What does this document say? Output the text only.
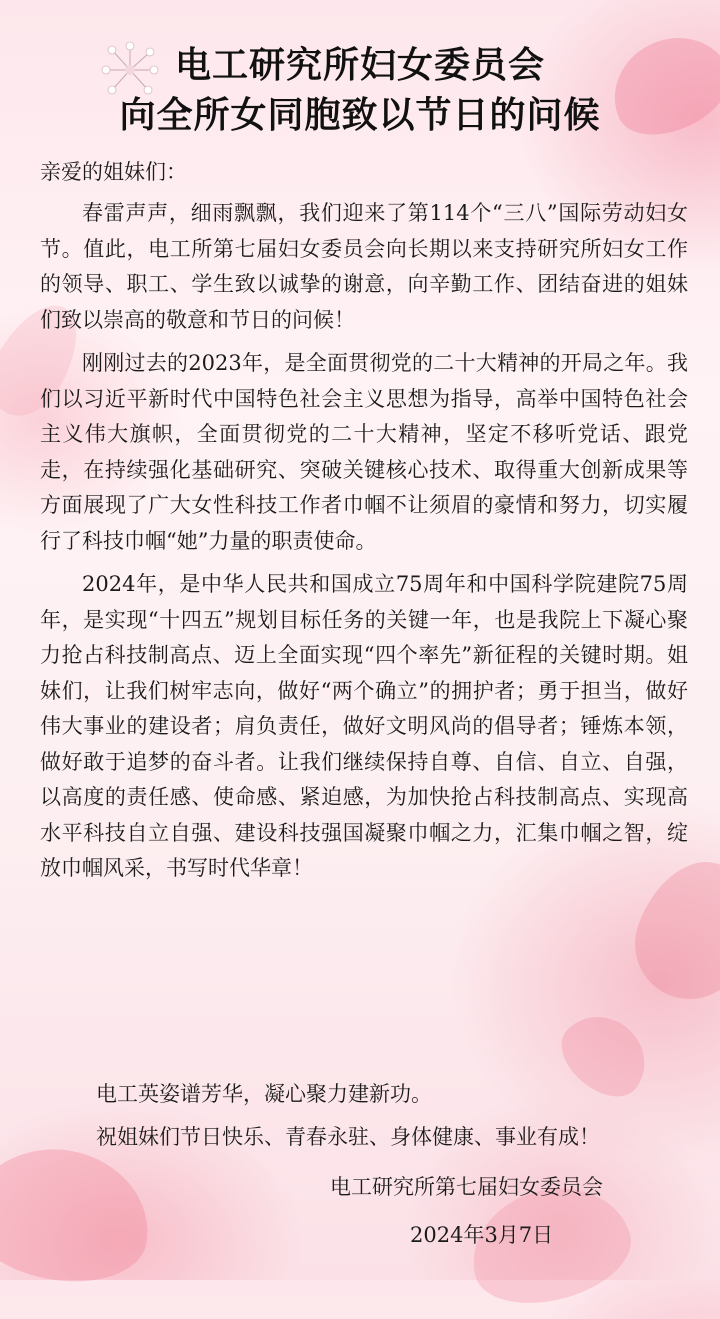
电工研究所妇女委员会
向全所女同胞致以节日的问候
亲爱的姐妹们：

春雷声声，细雨飘飘，我们迎来了第114个“三八”国际劳动妇女节。值此，电工所第七届妇女委员会向长期以来支持研究所妇女工作的领导、职工、学生致以诚挚的谢意，向辛勤工作、团结奋进的姐妹们致以崇高的敬意和节日的问候！

刚刚过去的2023年，是全面贯彻党的二十大精神的开局之年。我们以习近平新时代中国特色社会主义思想为指导，高举中国特色社会主义伟大旗帜，全面贯彻党的二十大精神，坚定不移听党话、跟党走，在持续强化基础研究、突破关键核心技术、取得重大创新成果等方面展现了广大女性科技工作者巾帼不让须眉的豪情和努力，切实履行了科技巾帼“她”力量的职责使命。

2024年，是中华人民共和国成立75周年和中国科学院建院75周年，是实现“十四五”规划目标任务的关键一年，也是我院上下凝心聚力抢占科技制高点、迈上全面实现“四个率先”新征程的关键时期。姐妹们，让我们树牢志向，做好“两个确立”的拥护者；勇于担当，做好伟大事业的建设者；肩负责任，做好文明风尚的倡导者；锤炼本领，做好敢于追梦的奋斗者。让我们继续保持自尊、自信、自立、自强，以高度的责任感、使命感、紧迫感，为加快抢占科技制高点、实现高水平科技自立自强、建设科技强国凝聚巾帼之力，汇集巾帼之智，绽放巾帼风采，书写时代华章！

电工英姿谱芳华，凝心聚力建新功。
祝姐妹们节日快乐、青春永驻、身体健康、事业有成！
电工研究所第七届妇女委员会
2024年3月7日
